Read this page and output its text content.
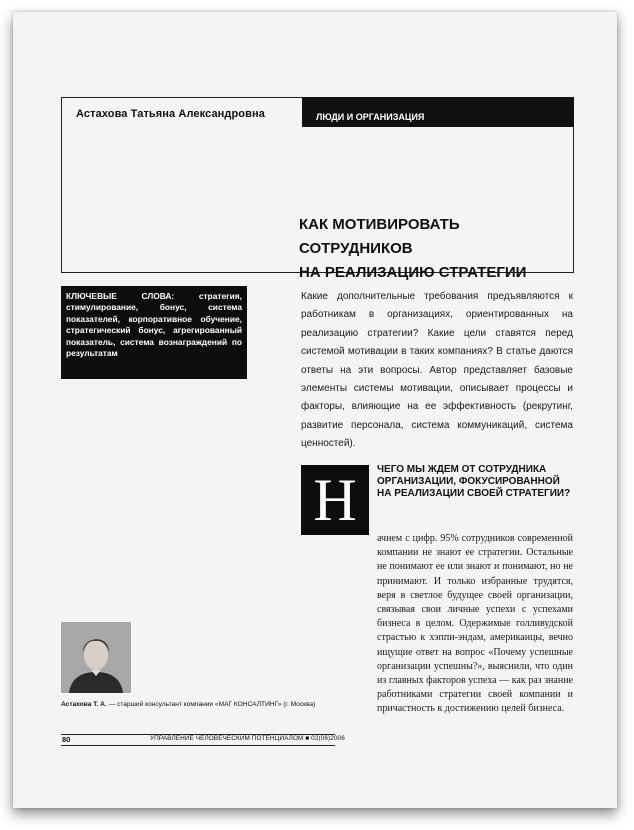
Астахова Татьяна Александровна	ЛЮДИ И ОРГАНИЗАЦИЯ
КАК МОТИВИРОВАТЬ СОТРУДНИКОВ
НА РЕАЛИЗАЦИЮ СТРАТЕГИИ
КЛЮЧЕВЫЕ СЛОВА: стратегия, стимулирование, бонус, система показателей, корпоративное обучение, стратегический бонус, агрегированный показатель, система вознаграждений по результатам
Какие дополнительные требования предъявляются к работникам в организациях, ориентированных на реализацию стратегии? Какие цели ставятся перед системой мотивации в таких компаниях? В статье даются ответы на эти вопросы. Автор представляет базовые элементы системы мотивации, описывает процессы и факторы, влияющие на ее эффективность (рекрутинг, развитие персонала, система коммуникаций, система ценностей).
Н	ЧЕГО МЫ ЖДЕМ ОТ СОТРУДНИКА ОРГАНИЗАЦИИ, ФОКУСИРОВАННОЙ НА РЕАЛИЗАЦИИ СВОЕЙ СТРАТЕГИИ?
ачнем с цифр. 95% сотрудников современной компании не знают ее стратегии. Остальные не понимают ее или знают и понимают, но не принимают. И только избранные трудятся, веря в светлое будущее своей организации, связывая свои личные успехи с успехами бизнеса в целом. Одержимые голливудской страстью к хэппи-эндам, американцы, вечно ищущие ответ на вопрос «Почему успешные организации успешны?», выяснили, что один из главных факторов успеха — как раз знание работниками стратегии своей компании и причастность к достижению целей бизнеса.
Астахова Т. А. — старший консультант компании «МАГ КОНСАЛТИНГ» (г. Москва)
80	УПРАВЛЕНИЕ ЧЕЛОВЕЧЕСКИМ ПОТЕНЦИАЛОМ ■ 02(06)2006
